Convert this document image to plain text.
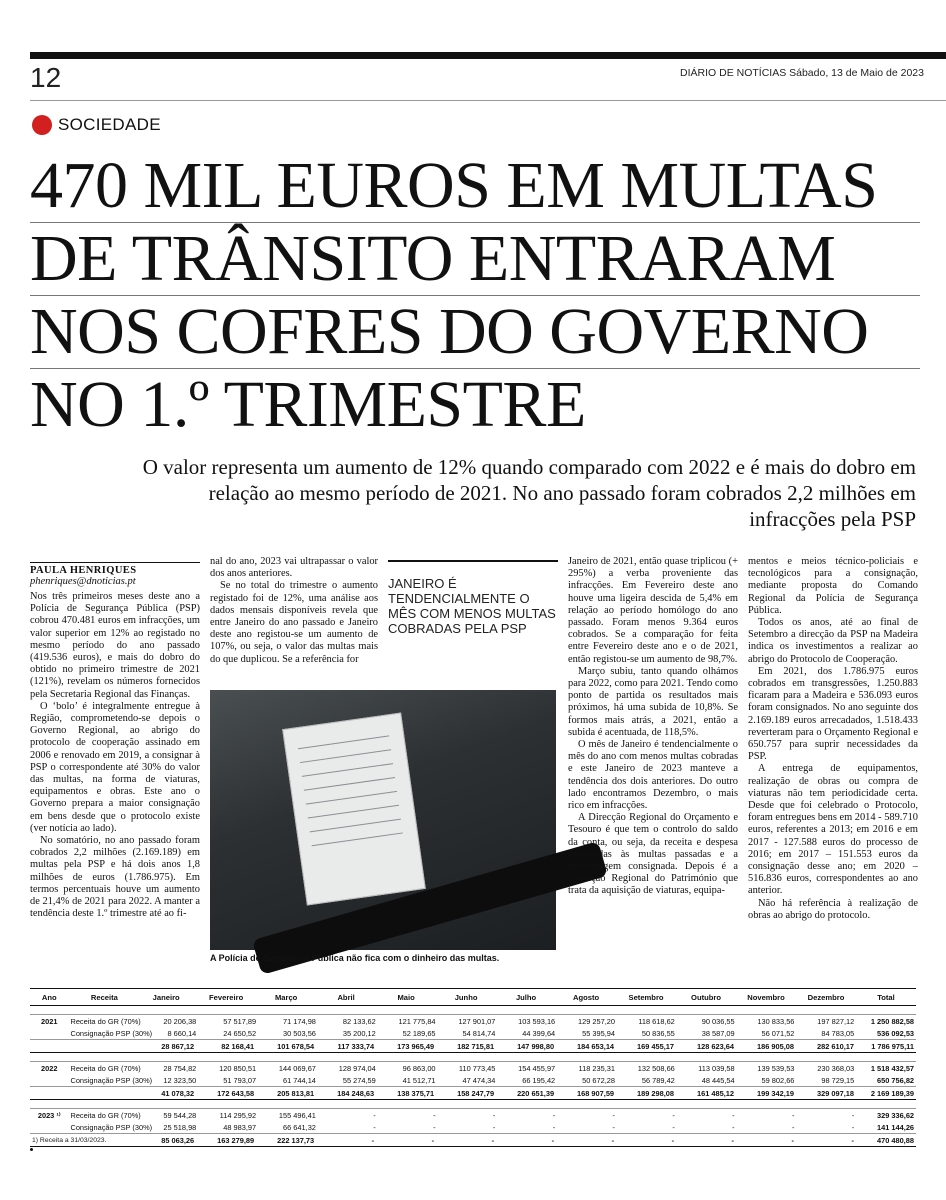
12	DIÁRIO DE NOTÍCIAS Sábado, 13 de Maio de 2023
SOCIEDADE
470 MIL EUROS EM MULTAS
DE TRÂNSITO ENTRARAM
NOS COFRES DO GOVERNO
NO 1.º TRIMESTRE
O valor representa um aumento de 12% quando comparado com 2022 e é mais do dobro em relação ao mesmo período de 2021. No ano passado foram cobrados 2,2 milhões em infracções pela PSP
PAULA HENRIQUES
phenriques@dnoticias.pt

Nos três primeiros meses deste ano a Polícia de Segurança Pública (PSP) cobrou 470.481 euros em infracções, um valor superior em 12% ao registado no mesmo período do ano passado (419.536 euros), e mais do dobro do obtido no primeiro trimestre de 2021 (121%), revelam os números fornecidos pela Secretaria Regional das Finanças.

O ‘bolo’ é integralmente entregue à Região, comprometendo-se depois o Governo Regional, ao abrigo do protocolo de cooperação assinado em 2006 e renovado em 2019, a consignar à PSP o correspondente até 30% do valor das multas, na forma de viaturas, equipamentos e obras. Este ano o Governo prepara a maior consignação em bens desde que o protocolo existe (ver notícia ao lado).

No somatório, no ano passado foram cobrados 2,2 milhões (2.169.189) em multas pela PSP e há dois anos 1,8 milhões de euros (1.786.975). Em termos percentuais houve um aumento de 21,4% de 2021 para 2022. A manter a tendência deste 1.º trimestre até ao fi-

nal do ano, 2023 vai ultrapassar o valor dos anos anteriores.

Se no total do trimestre o aumento registado foi de 12%, uma análise aos dados mensais disponíveis revela que entre Janeiro do ano passado e Janeiro deste ano registou-se um aumento de 107%, ou seja, o valor das multas mais do que duplicou. Se a referência for

JANEIRO É TENDENCIALMENTE O MÊS COM MENOS MULTAS COBRADAS PELA PSP
A Polícia de Segurança Pública não fica com o dinheiro das multas.

Janeiro de 2021, então quase triplicou (+ 295%) a verba proveniente das infracções. Em Fevereiro deste ano houve uma ligeira descida de 5,4% em relação ao período homólogo do ano passado. Foram menos 9.364 euros cobrados. Se a comparação for feita entre Fevereiro deste ano e o de 2021, então registou-se um aumento de 98,7%.

Março subiu, tanto quando olhámos para 2022, como para 2021. Tendo como ponto de partida os resultados mais próximos, há uma subida de 10,8%. Se formos mais atrás, a 2021, então a subida é acentuada, de 118,5%.

O mês de Janeiro é tendencialmente o mês do ano com menos multas cobradas e este Janeiro de 2023 manteve a tendência dos dois anteriores. Do outro lado encontramos Dezembro, o mais rico em infracções.

A Direcção Regional do Orçamento e Tesouro é que tem o controlo do saldo da conta, ou seja, da receita e despesa associadas às multas passadas e a percentagem consignada. Depois é a Direcção Regional do Património que trata da aquisição de viaturas, equipa-

mentos e meios técnico-policiais e tecnológicos para a consignação, mediante proposta do Comando Regional da Polícia de Segurança Pública.

Todos os anos, até ao final de Setembro a direcção da PSP na Madeira indica os investimentos a realizar ao abrigo do Protocolo de Cooperação.

Em 2021, dos 1.786.975 euros cobrados em transgressões, 1.250.883 ficaram para a Madeira e 536.093 euros foram consignados. No ano seguinte dos 2.169.189 euros arrecadados, 1.518.433 reverteram para o Orçamento Regional e 650.757 para suprir necessidades da PSP.

A entrega de equipamentos, realização de obras ou compra de viaturas não tem periodicidade certa. Desde que foi celebrado o Protocolo, foram entregues bens em 2014 - 589.710 euros, referentes a 2013; em 2016 e em 2017 - 127.588 euros do processo de 2016; em 2017 – 151.553 euros da consignação desse ano; em 2020 – 516.836 euros, correspondentes ao ano anterior.

Não há referência à realização de obras ao abrigo do protocolo.

Ano	Receita	Janeiro	Fevereiro	Março	Abril	Maio	Junho	Julho	Agosto	Setembro	Outubro	Novembro	Dezembro	Total
2021	Receita do GR (70%)	20 206,38	57 517,89	71 174,98	82 133,62	121 775,84	127 901,07	103 593,16	129 257,20	118 618,62	90 036,55	130 833,56	197 827,12	1 250 882,58
Consignação PSP (30%)	8 660,14	24 650,52	30 503,56	35 200,12	52 189,65	54 814,74	44 399,64	55 395,94	50 836,55	38 587,09	56 071,52	84 783,05	536 092,53
28 867,12	82 168,41	101 678,54	117 333,74	173 965,49	182 715,81	147 998,80	184 653,14	169 455,17	128 623,64	186 905,08	282 610,17	1 786 975,11
2022	Receita do GR (70%)	28 754,82	120 850,51	144 069,67	128 974,04	96 863,00	110 773,45	154 455,97	118 235,31	132 508,66	113 039,58	139 539,53	230 368,03	1 518 432,57
Consignação PSP (30%)	12 323,50	51 793,07	61 744,14	55 274,59	41 512,71	47 474,34	66 195,42	50 672,28	56 789,42	48 445,54	59 802,66	98 729,15	650 756,82
41 078,32	172 643,58	205 813,81	184 248,63	138 375,71	158 247,79	220 651,39	168 907,59	189 298,08	161 485,12	199 342,19	329 097,18	2 169 189,39
2023 ¹⁾	Receita do GR (70%)	59 544,28	114 295,92	155 496,41	-	-	-	-	-	-	-	-	-	329 336,62
Consignação PSP (30%)	25 518,98	48 983,97	66 641,32	-	-	-	-	-	-	-	-	-	141 144,26
85 063,26	163 279,89	222 137,73	-	-	-	-	-	-	-	-	-	470 480,88
1) Receita a 31/03/2023.
